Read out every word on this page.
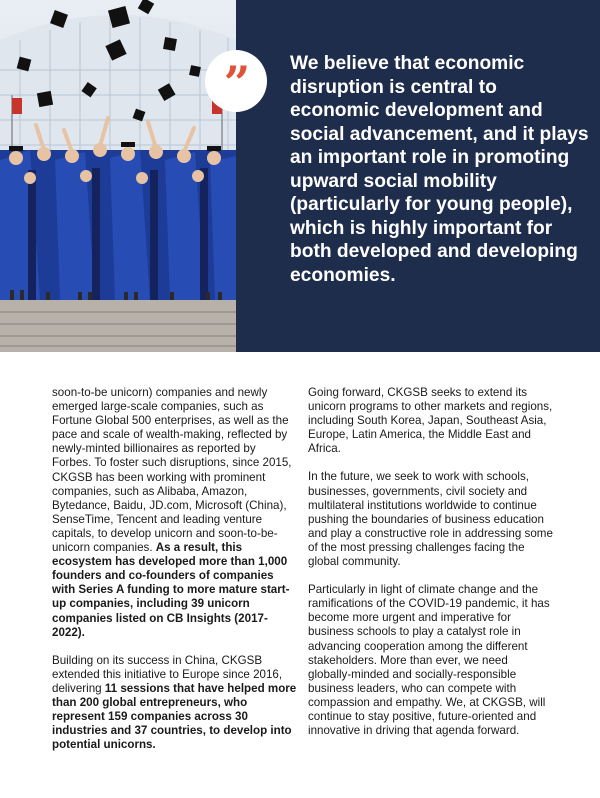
”	We believe that economic disruption is central to economic development and social advancement, and it plays an important role in promoting upward social mobility (particularly for young people), which is highly important for both developed and developing economies.

soon-to-be unicorn) companies and newly emerged large-scale companies, such as Fortune Global 500 enterprises, as well as the pace and scale of wealth-making, reflected by newly-minted billionaires as reported by Forbes. To foster such disruptions, since 2015, CKGSB has been working with prominent companies, such as Alibaba, Amazon, Bytedance, Baidu, JD.com, Microsoft (China), SenseTime, Tencent and leading venture capitals, to develop unicorn and soon-to-be-unicorn companies. As a result, this ecosystem has developed more than 1,000 founders and co-founders of companies with Series A funding to more mature start-up companies, including 39 unicorn companies listed on CB Insights (2017-2022).

Building on its success in China, CKGSB extended this initiative to Europe since 2016, delivering 11 sessions that have helped more than 200 global entrepreneurs, who represent 159 companies across 30 industries and 37 countries, to develop into potential unicorns.

Going forward, CKGSB seeks to extend its unicorn programs to other markets and regions, including South Korea, Japan, Southeast Asia, Europe, Latin America, the Middle East and Africa.

In the future, we seek to work with schools, businesses, governments, civil society and multilateral institutions worldwide to continue pushing the boundaries of business education and play a constructive role in addressing some of the most pressing challenges facing the global community.

Particularly in light of climate change and the ramifications of the COVID-19 pandemic, it has become more urgent and imperative for business schools to play a catalyst role in advancing cooperation among the different stakeholders. More than ever, we need globally-minded and socially-responsible business leaders, who can compete with compassion and empathy. We, at CKGSB, will continue to stay positive, future-oriented and innovative in driving that agenda forward.
